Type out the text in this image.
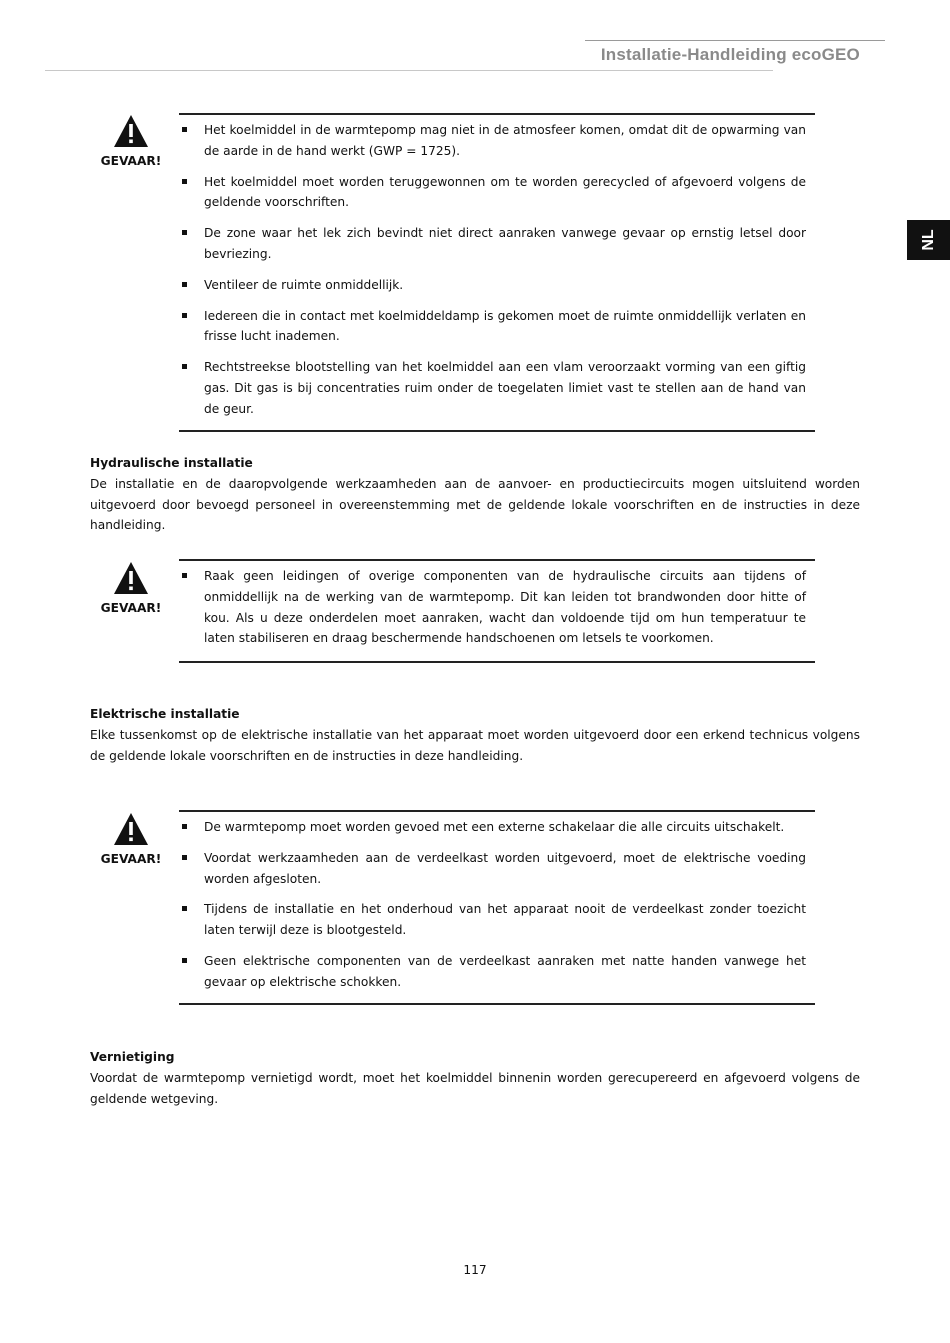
Installatie-Handleiding ecoGEO
NL
GEVAAR!
Het koelmiddel in de warmtepomp mag niet in de atmosfeer komen, omdat dit de opwarming van de aarde in de hand werkt (GWP = 1725).
Het koelmiddel moet worden teruggewonnen om te worden gerecycled of afgevoerd volgens de geldende voorschriften.
De zone waar het lek zich bevindt niet direct aanraken vanwege gevaar op ernstig letsel door bevriezing.
Ventileer de ruimte onmiddellijk.
Iedereen die in contact met koelmiddeldamp is gekomen moet de ruimte onmiddellijk verlaten en frisse lucht inademen.
Rechtstreekse blootstelling van het koelmiddel aan een vlam veroorzaakt vorming van een giftig gas. Dit gas is bij concentraties ruim onder de toegelaten limiet vast te stellen aan de hand van de geur.
Hydraulische installatie

De installatie en de daaropvolgende werkzaamheden aan de aanvoer- en productiecircuits mogen uitsluitend worden uitgevoerd door bevoegd personeel in overeenstemming met de geldende lokale voorschriften en de instructies in deze handleiding.

GEVAAR!
Raak geen leidingen of overige componenten van de hydraulische circuits aan tijdens of onmiddellijk na de werking van de warmtepomp. Dit kan leiden tot brandwonden door hitte of kou. Als u deze onderdelen moet aanraken, wacht dan voldoende tijd om hun temperatuur te laten stabiliseren en draag beschermende handschoenen om letsels te voorkomen.
Elektrische installatie

Elke tussenkomst op de elektrische installatie van het apparaat moet worden uitgevoerd door een erkend technicus volgens de geldende lokale voorschriften en de instructies in deze handleiding.

GEVAAR!
De warmtepomp moet worden gevoed met een externe schakelaar die alle circuits uitschakelt.
Voordat werkzaamheden aan de verdeelkast worden uitgevoerd, moet de elektrische voeding worden afgesloten.
Tijdens de installatie en het onderhoud van het apparaat nooit de verdeelkast zonder toezicht laten terwijl deze is blootgesteld.
Geen elektrische componenten van de verdeelkast aanraken met natte handen vanwege het gevaar op elektrische schokken.
Vernietiging

Voordat de warmtepomp vernietigd wordt, moet het koelmiddel binnenin worden gerecupereerd en afgevoerd volgens de geldende wetgeving.

117
